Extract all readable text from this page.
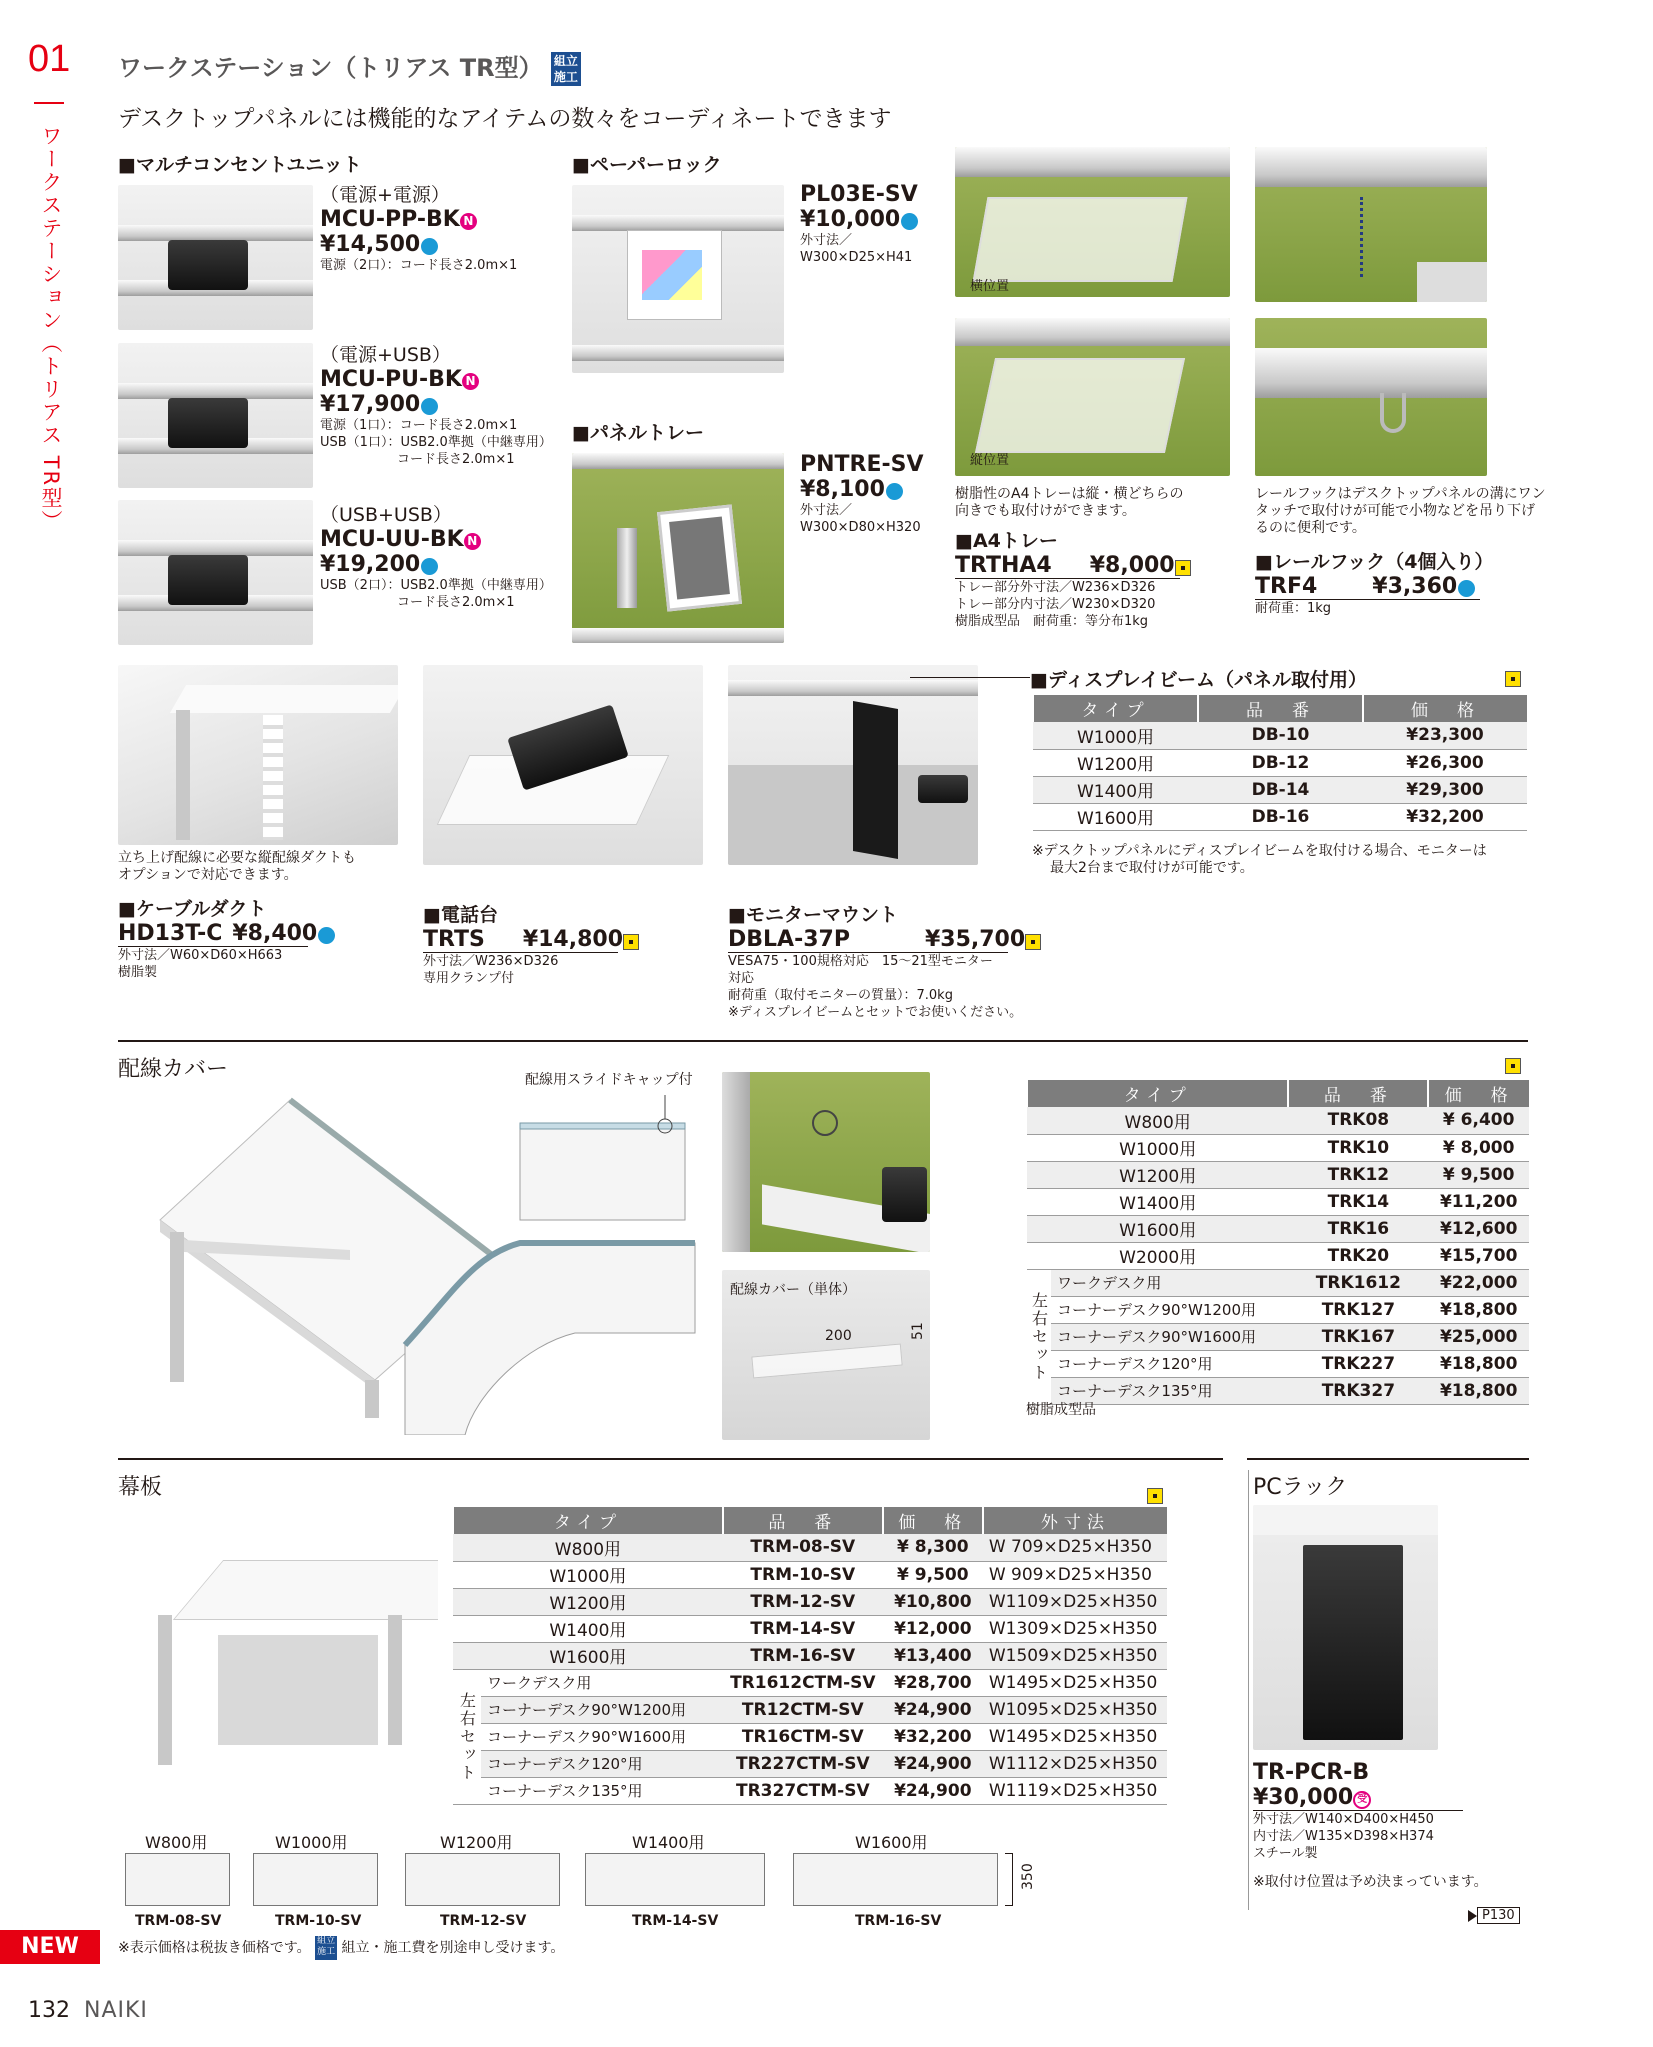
01
ワークステーション（トリアス TR型）
ワークステーション（トリアス TR型） 組立
施工
デスクトップパネルには機能的なアイテムの数々をコーディネートできます
■マルチコンセントユニット
（電源+電源）
MCU-PP-BK N
¥14,500
電源（2口）：コード長さ2.0m×1
（電源+USB）
MCU-PU-BK N
¥17,900
電源（1口）：コード長さ2.0m×1
USB（1口）：USB2.0準拠（中継専用）
コード長さ2.0m×1
（USB+USB）
MCU-UU-BK N
¥19,200
USB（2口）：USB2.0準拠（中継専用）
コード長さ2.0m×1
■ペーパーロック
PL03E-SV
¥10,000
外寸法／
W300×D25×H41
■パネルトレー
PNTRE-SV
¥8,100
外寸法／
W300×D80×H320
横位置
縦位置
樹脂性のA4トレーは縦・横どちらの
向きでも取付けができます。
■A4トレー
TRTHA4 ¥8,000
トレー部分外寸法／W236×D326
トレー部分内寸法／W230×D320
樹脂成型品　耐荷重：等分布1kg
レールフックはデスクトップパネルの溝にワン
タッチで取付けが可能で小物などを吊り下げ
るのに便利です。
■レールフック（4個入り）
TRF4	¥3,360
耐荷重：1kg
立ち上げ配線に必要な縦配線ダクトも
オプションで対応できます。
■ケーブルダクト
HD13T-C ¥8,400
外寸法／W60×D60×H663
樹脂製
■電話台
TRTS ¥14,800
外寸法／W236×D326
専用クランプ付
■モニターマウント
DBLA-37P	¥35,700
VESA75・100規格対応　15～21型モニター
対応
耐荷重（取付モニターの質量）：7.0kg
※ディスプレイビームとセットでお使いください。
■ディスプレイビーム（パネル取付用）
タイプ	品　番	価　格
W1000用	DB-10	¥23,300
W1200用	DB-12	¥26,300
W1400用	DB-14	¥29,300
W1600用	DB-16	¥32,200
※デスクトップパネルにディスプレイビームを取付ける場合、モニターは
最大2台まで取付けが可能です。
配線カバー	配線用スライドキャップ付
配線カバー（単体）
200	51
タイプ		品　番	価　格
W800用		TRK08	¥ 6,400
W1000用		TRK10	¥ 8,000
W1200用		TRK12	¥ 9,500
W1400用		TRK14	¥11,200
W1600用		TRK16	¥12,600
W2000用		TRK20	¥15,700

左右セット	ワークデスク用	TRK1612	¥22,000
	コーナーデスク90°W1200用	TRK127	¥18,800
	コーナーデスク90°W1600用	TRK167	¥25,000
	コーナーデスク120°用	TRK227	¥18,800
	コーナーデスク135°用	TRK327	¥18,800
樹脂成型品
幕板
タイプ		品　番	価　格	外寸法
W800用		TRM-08-SV	¥ 8,300	W 709×D25×H350
W1000用		TRM-10-SV	¥ 9,500	W 909×D25×H350
W1200用		TRM-12-SV	¥10,800	W1109×D25×H350
W1400用		TRM-14-SV	¥12,000	W1309×D25×H350
W1600用		TRM-16-SV	¥13,400	W1509×D25×H350

左右セット	ワークデスク用	TR1612CTM-SV	¥28,700	W1495×D25×H350
	コーナーデスク90°W1200用	TR12CTM-SV	¥24,900	W1095×D25×H350
	コーナーデスク90°W1600用	TR16CTM-SV	¥32,200	W1495×D25×H350
	コーナーデスク120°用	TR227CTM-SV	¥24,900	W1112×D25×H350
	コーナーデスク135°用	TR327CTM-SV	¥24,900	W1119×D25×H350
W800用	W1000用	W1200用	W1400用	W1600用
350
TRM-08-SV	TRM-10-SV	TRM-12-SV	TRM-14-SV	TRM-16-SV
PCラック
TR-PCR-B
¥30,000 受
外寸法／W140×D400×H450
内寸法／W135×D398×H374
スチール製
※取付け位置は予め決まっています。
P130
NEW	※表示価格は税抜き価格です。 組立
施工 組立・施工費を別途申し受けます。
132 NAIKI
